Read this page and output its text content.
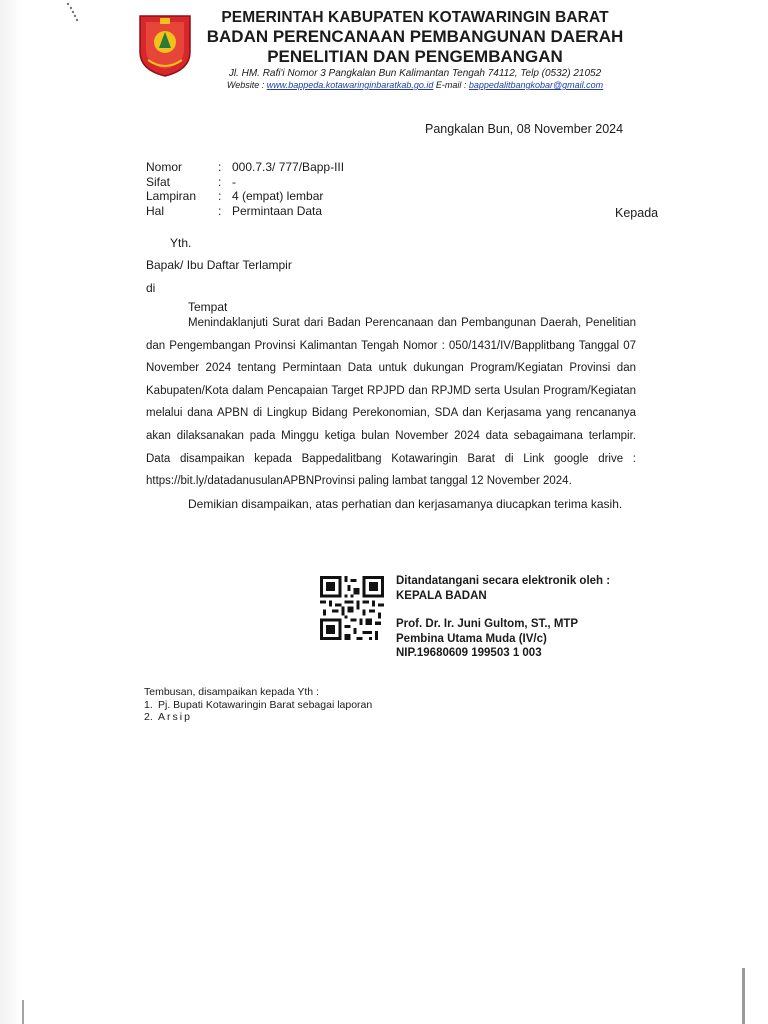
PEMERINTAH KABUPATEN KOTAWARINGIN BARAT
BADAN PERENCANAAN PEMBANGUNAN DAERAH
PENELITIAN DAN PENGEMBANGAN
Jl. HM. Rafi'i Nomor 3 Pangkalan Bun Kalimantan Tengah 74112, Telp (0532) 21052
Website : www.bappeda.kotawaringinbaratkab.go.id E-mail : bappedalitbangkobar@gmail.com
Pangkalan Bun, 08 November 2024
Nomor	: 000.7.3/ 777/Bapp-III
Sifat	: -
Lampiran	: 4 (empat) lembar
Hal	: Permintaan Data	Kepada
Yth.
Bapak/ Ibu Daftar Terlampir
di
Tempat
Menindaklanjuti Surat dari Badan Perencanaan dan Pembangunan Daerah, Penelitian dan Pengembangan Provinsi Kalimantan Tengah Nomor : 050/1431/IV/Bapplitbang Tanggal 07 November 2024 tentang Permintaan Data untuk dukungan Program/Kegiatan Provinsi dan Kabupaten/Kota dalam Pencapaian Target RPJPD dan RPJMD serta Usulan Program/Kegiatan melalui dana APBN di Lingkup Bidang Perekonomian, SDA dan Kerjasama yang rencananya akan dilaksanakan pada Minggu ketiga bulan November 2024 data sebagaimana terlampir. Data disampaikan kepada Bappedalitbang Kotawaringin Barat di Link google drive : https://bit.ly/datadanusulanAPBNProvinsi paling lambat tanggal 12 November 2024.
Demikian disampaikan, atas perhatian dan kerjasamanya diucapkan terima kasih.
Ditandatangani secara elektronik oleh :
KEPALA BADAN
Prof. Dr. Ir. Juni Gultom, ST., MTP
Pembina Utama Muda (IV/c)
NIP.19680609 199503 1 003
Tembusan, disampaikan kepada Yth :
1. Pj. Bupati Kotawaringin Barat sebagai laporan
2. Arsip
